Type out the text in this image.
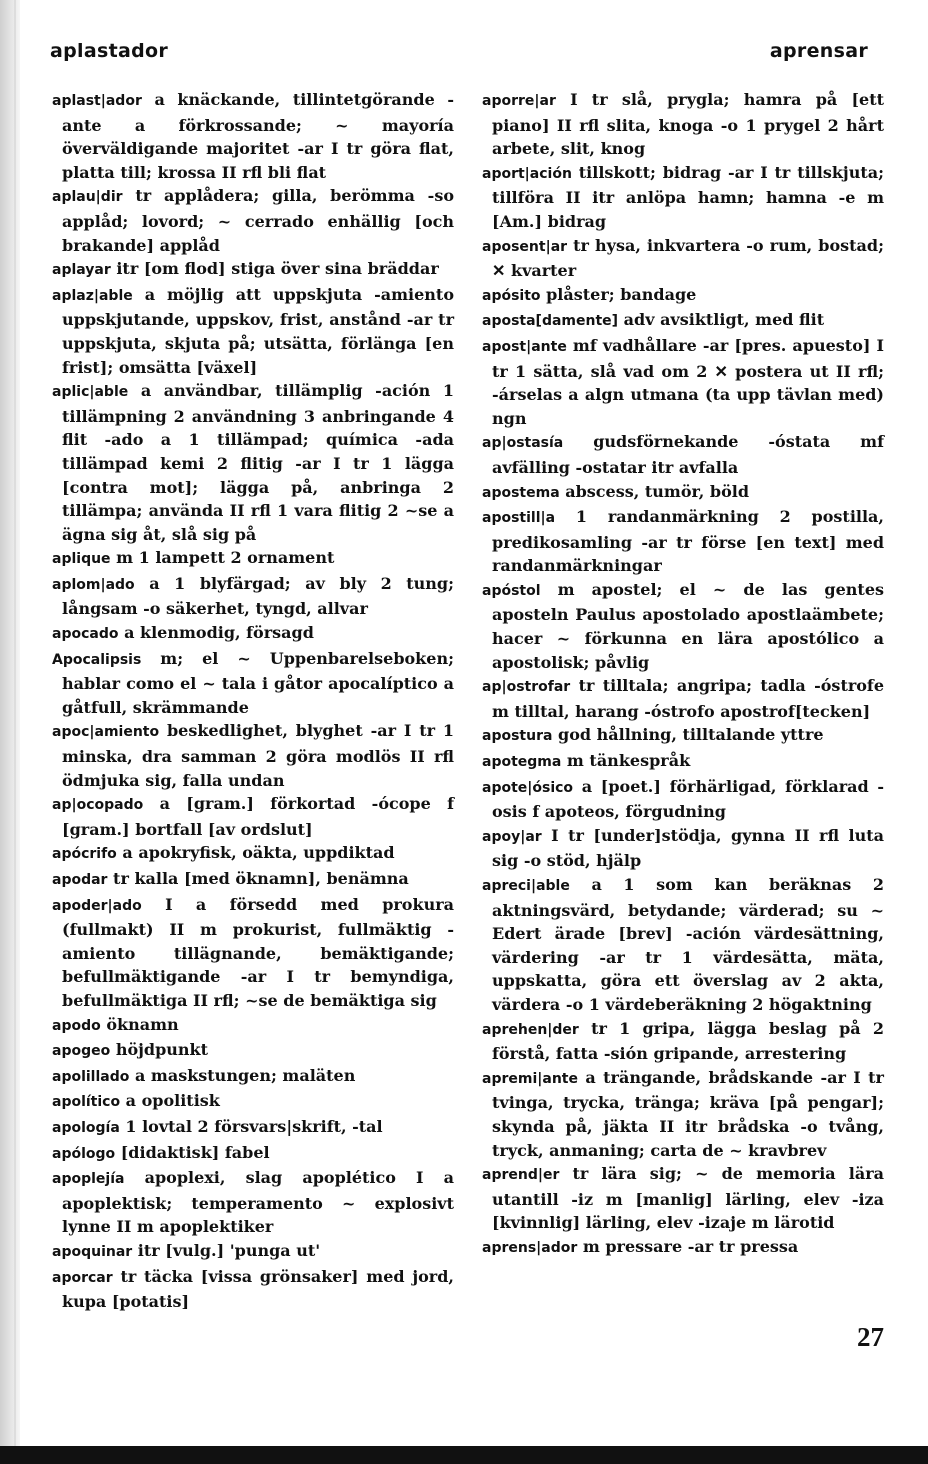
aplastador	aprensar

aplast|ador a knäckande, tillintetgörande -ante a förkrossande; ~ mayoría överväldigande majoritet -ar I tr göra flat, platta till; krossa II rfl bli flat

aplau|dir tr applådera; gilla, berömma -so applåd; lovord; ~ cerrado enhällig [och brakande] applåd

aplayar itr [om flod] stiga över sina bräddar

aplaz|able a möjlig att uppskjuta -amiento uppskjutande, uppskov, frist, anstånd -ar tr uppskjuta, skjuta på; utsätta, förlänga [en frist]; omsätta [växel]

aplic|able a användbar, tillämplig -ación 1 tillämpning 2 användning 3 anbringande 4 flit -ado a 1 tillämpad; química -ada tillämpad kemi 2 flitig -ar I tr 1 lägga [contra mot]; lägga på, anbringa 2 tillämpa; använda II rfl 1 vara flitig 2 ~se a ägna sig åt, slå sig på

aplique m 1 lampett 2 ornament

aplom|ado a 1 blyfärgad; av bly 2 tung; långsam -o säkerhet, tyngd, allvar

apocado a klenmodig, försagd

Apocalipsis m; el ~ Uppenbarelseboken; hablar como el ~ tala i gåtor apocalíptico a gåtfull, skrämmande

apoc|amiento beskedlighet, blyghet -ar I tr 1 minska, dra samman 2 göra modlös II rfl ödmjuka sig, falla undan

ap|ocopado a [gram.] förkortad -ócope f [gram.] bortfall [av ordslut]

apócrifo a apokryfisk, oäkta, uppdiktad

apodar tr kalla [med öknamn], benämna

apoder|ado I a försedd med prokura (fullmakt) II m prokurist, fullmäktig -amiento tillägnande, bemäktigande; befullmäktigande -ar I tr bemyndiga, befullmäktiga II rfl; ~se de bemäktiga sig

apodo öknamn

apogeo höjdpunkt

apolillado a maskstungen; maläten

apolítico a opolitisk

apología 1 lovtal 2 försvars|skrift, -tal

apólogo [didaktisk] fabel

apoplejía apoplexi, slag apoplético I a apoplektisk; temperamento ~ explosivt lynne II m apoplektiker

apoquinar itr [vulg.] 'punga ut'

aporcar tr täcka [vissa grönsaker] med jord, kupa [potatis]

aporre|ar I tr slå, prygla; hamra på [ett piano] II rfl slita, knoga -o 1 prygel 2 hårt arbete, slit, knog

aport|ación tillskott; bidrag -ar I tr tillskjuta; tillföra II itr anlöpa hamn; hamna -e m [Am.] bidrag

aposent|ar tr hysa, inkvartera -o rum, bostad; ✕ kvarter

apósito plåster; bandage

aposta[damente] adv avsiktligt, med flit

apost|ante mf vadhållare -ar [pres. apuesto] I tr 1 sätta, slå vad om 2 ✕ postera ut II rfl; -árselas a algn utmana (ta upp tävlan med) ngn

ap|ostasía gudsförnekande -óstata mf avfälling -ostatar itr avfalla

apostema abscess, tumör, böld

apostill|a 1 randanmärkning 2 postilla, predikosamling -ar tr förse [en text] med randanmärkningar

apóstol m apostel; el ~ de las gentes aposteln Paulus apostolado apostlaämbete; hacer ~ förkunna en lära apostólico a apostolisk; påvlig

ap|ostrofar tr tilltala; angripa; tadla -óstrofe m tilltal, harang -óstrofo apostrof[tecken]

apostura god hållning, tilltalande yttre

apotegma m tänkespråk

apote|ósico a [poet.] förhärligad, förklarad -osis f apoteos, förgudning

apoy|ar I tr [under]stödja, gynna II rfl luta sig -o stöd, hjälp

apreci|able a 1 som kan beräknas 2 aktningsvärd, betydande; värderad; su ~ Edert ärade [brev] -ación värdesättning, värdering -ar tr 1 värdesätta, mäta, uppskatta, göra ett överslag av 2 akta, värdera -o 1 värdeberäkning 2 högaktning

aprehen|der tr 1 gripa, lägga beslag på 2 förstå, fatta -sión gripande, arrestering

apremi|ante a trängande, brådskande -ar I tr tvinga, trycka, tränga; kräva [på pengar]; skynda på, jäkta II itr brådska -o tvång, tryck, anmaning; carta de ~ kravbrev

aprend|er tr lära sig; ~ de memoria lära utantill -iz m [manlig] lärling, elev -iza [kvinnlig] lärling, elev -izaje m lärotid

aprens|ador m pressare -ar tr pressa

27
